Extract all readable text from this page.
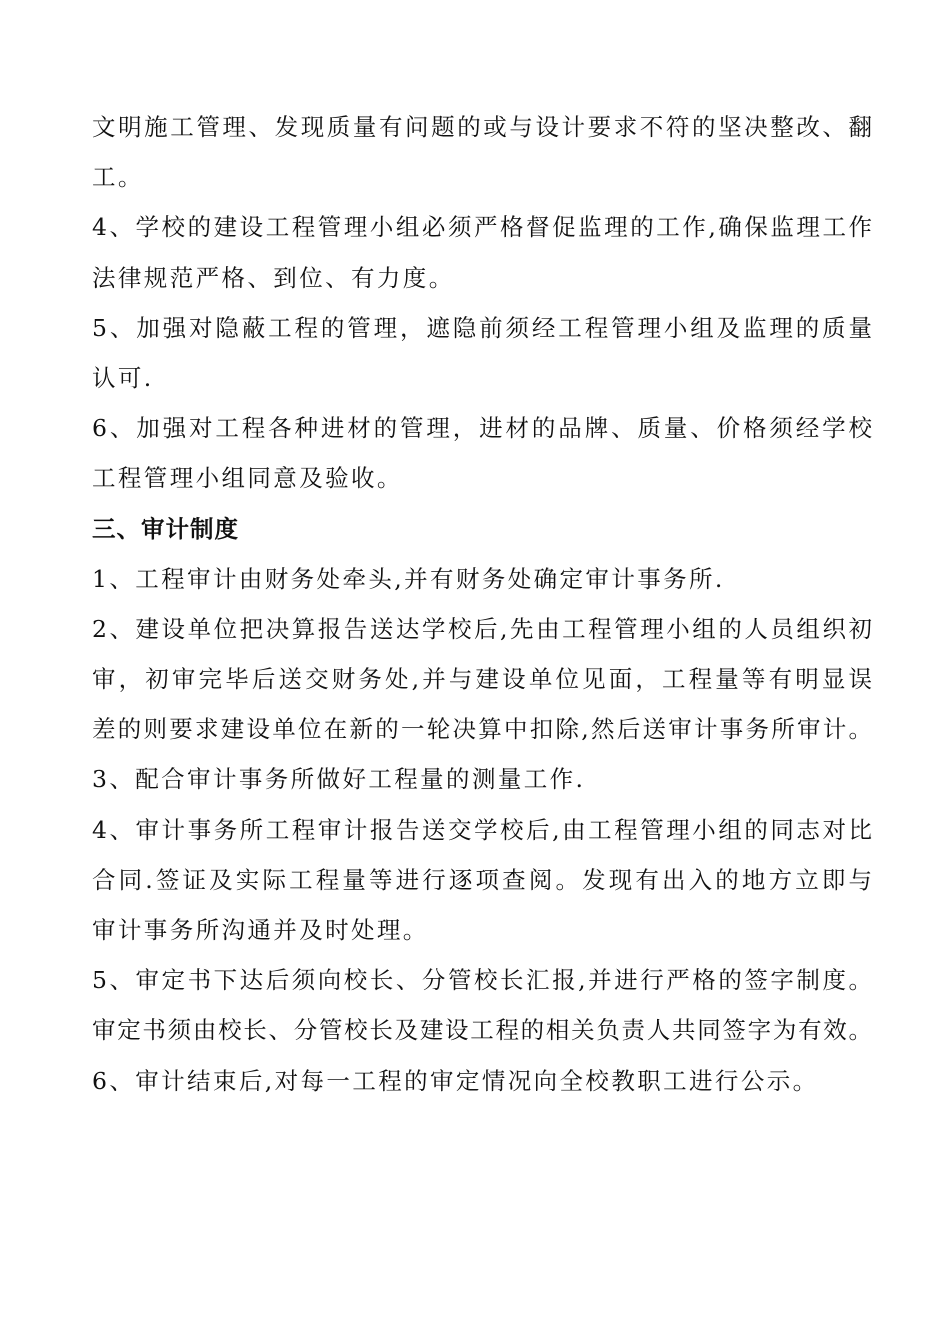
文明施工管理、发现质量有问题的或与设计要求不符的坚决整改、翻
工。
4、学校的建设工程管理小组必须严格督促监理的工作,确保监理工作
法律规范严格、到位、有力度。
5、加强对隐蔽工程的管理，遮隐前须经工程管理小组及监理的质量
认可.
6、加强对工程各种进材的管理，进材的品牌、质量、价格须经学校
工程管理小组同意及验收。
三、审计制度
1、工程审计由财务处牵头,并有财务处确定审计事务所.
2、建设单位把决算报告送达学校后,先由工程管理小组的人员组织初
审，初审完毕后送交财务处,并与建设单位见面，工程量等有明显误
差的则要求建设单位在新的一轮决算中扣除,然后送审计事务所审计。
3、配合审计事务所做好工程量的测量工作.
4、审计事务所工程审计报告送交学校后,由工程管理小组的同志对比
合同.签证及实际工程量等进行逐项查阅。发现有出入的地方立即与
审计事务所沟通并及时处理。
5、审定书下达后须向校长、分管校长汇报,并进行严格的签字制度。
审定书须由校长、分管校长及建设工程的相关负责人共同签字为有效。
6、审计结束后,对每一工程的审定情况向全校教职工进行公示。
